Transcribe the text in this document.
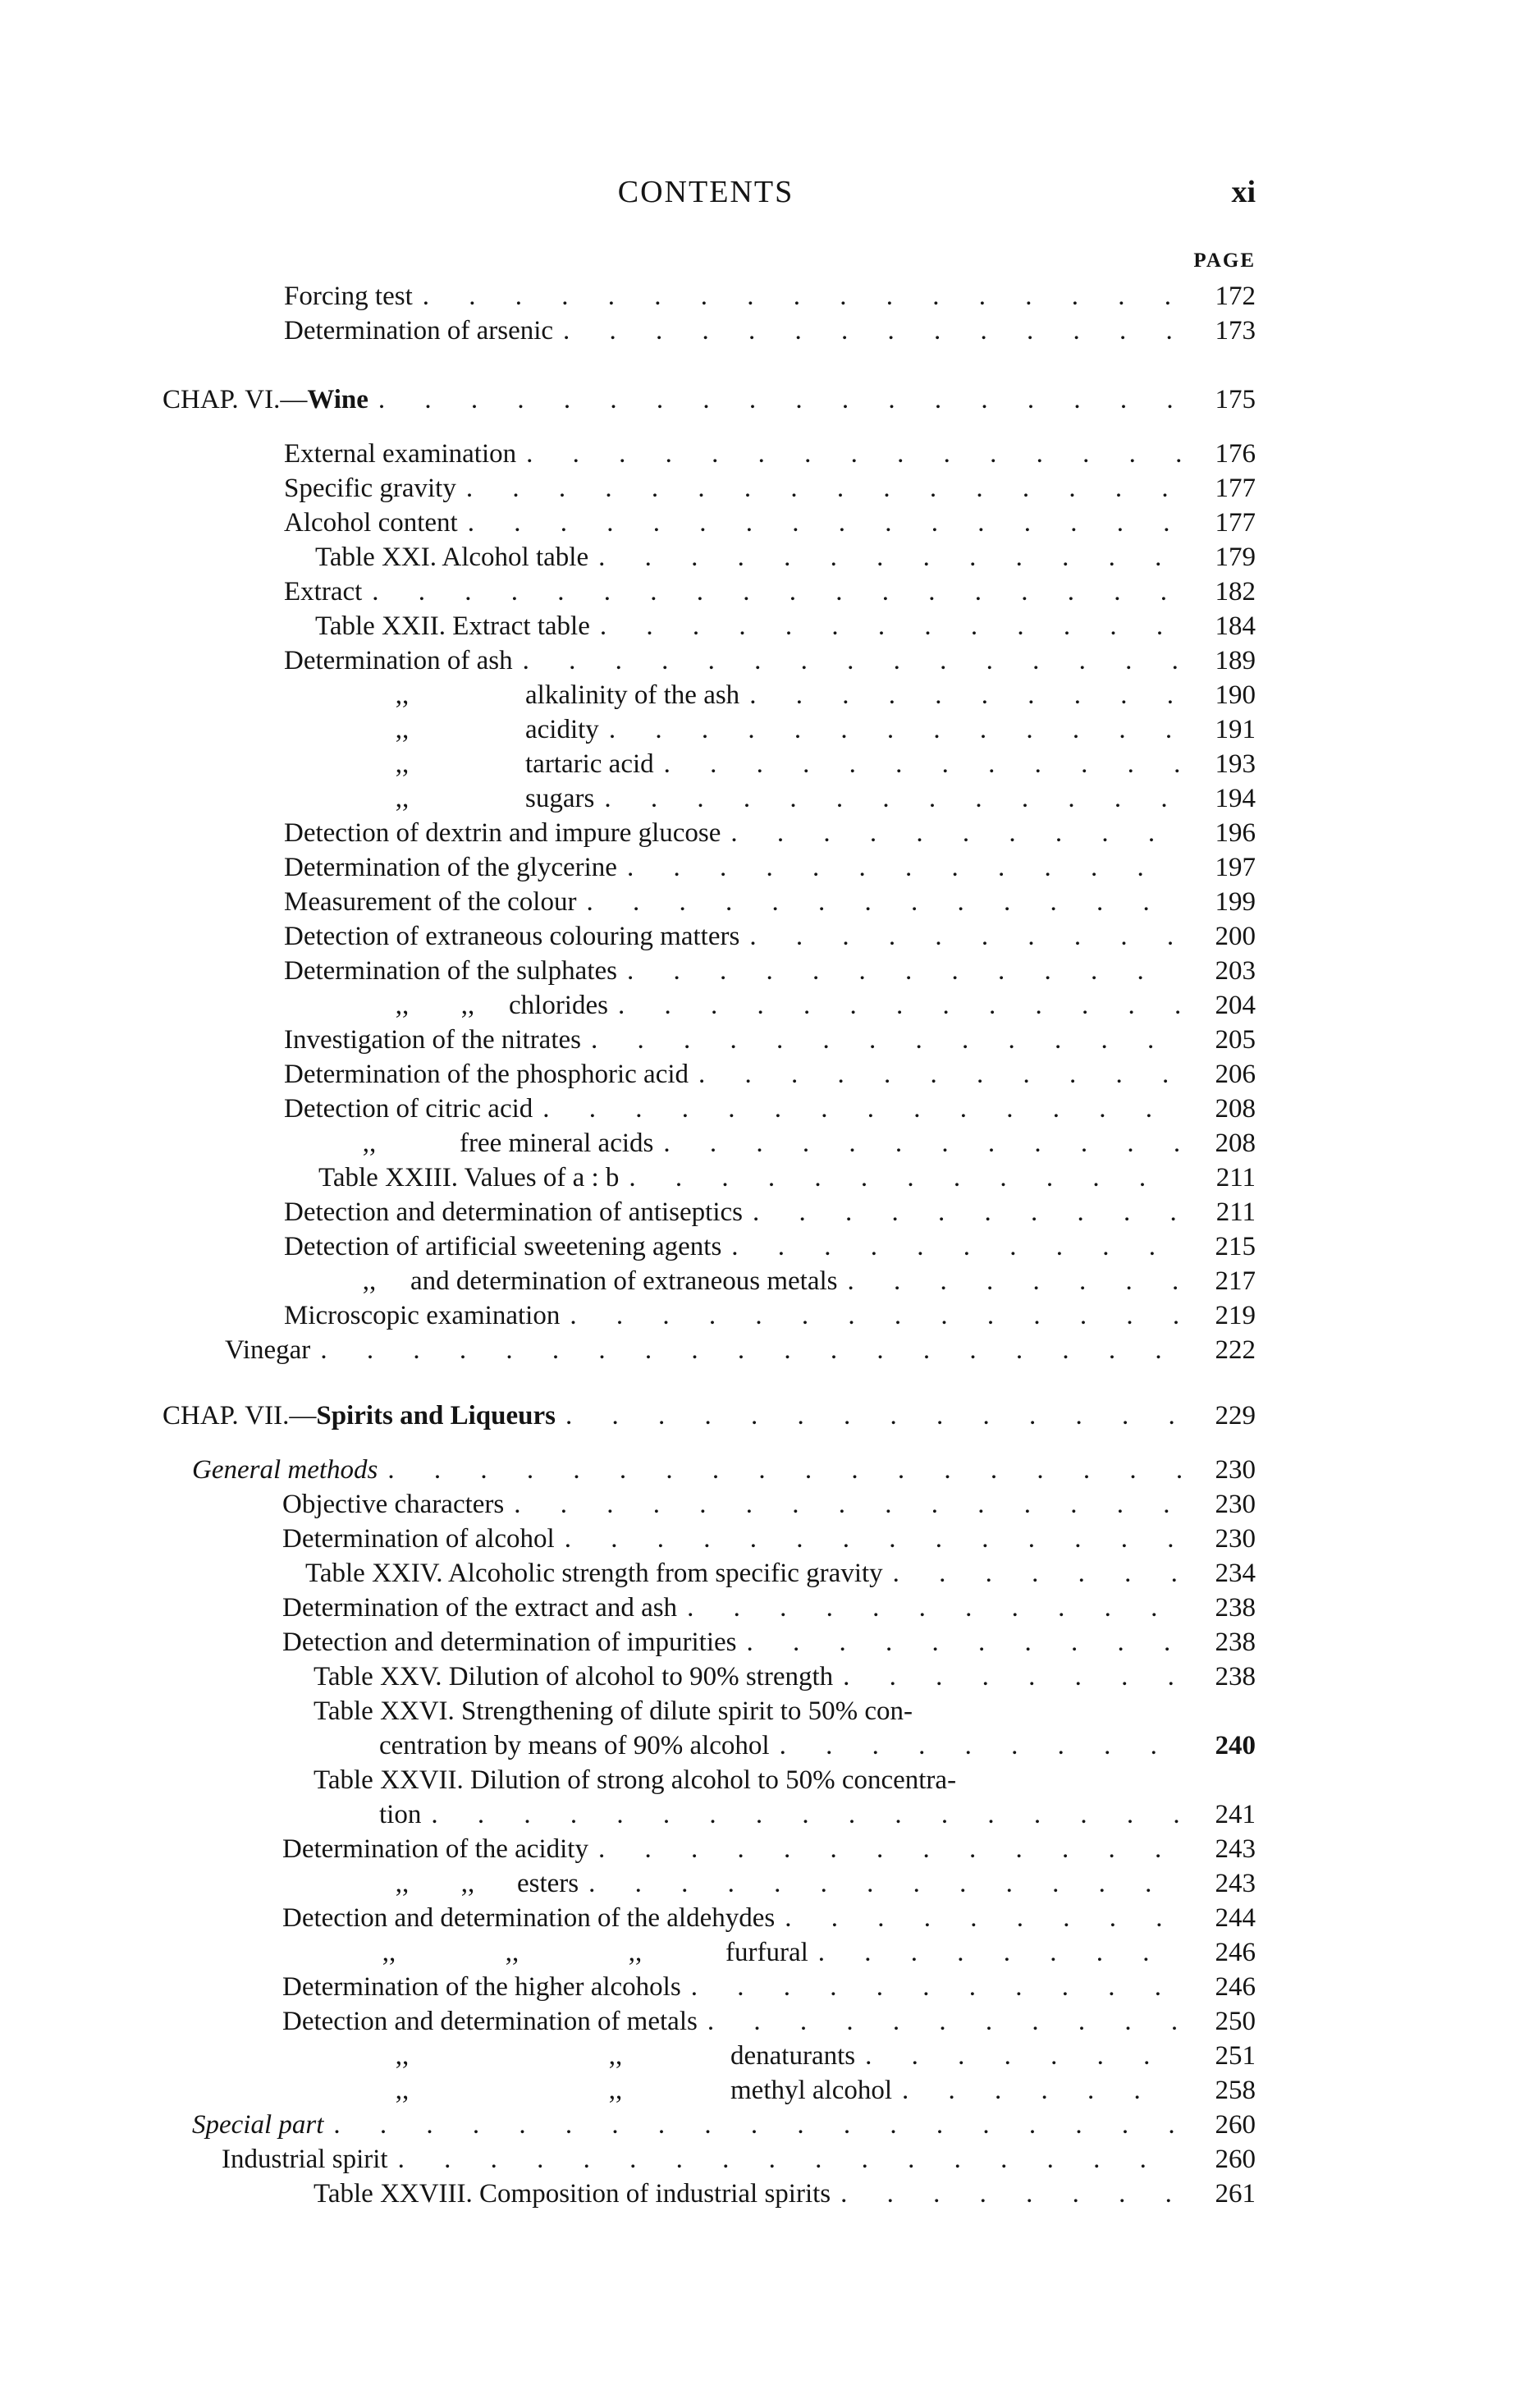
CONTENTS	xi
PAGE
Forcing test . . .	172
Determination of arsenic . . .	173
CHAP. VI.—Wine . . .	175
External examination . . .	176
Specific gravity . . .	177
Alcohol content . . .	177
Table XXI. Alcohol table . . .	179
Extract . . .	182
Table XXII. Extract table . . .	184
Determination of ash . . .	189
,,	alkalinity of the ash . . .	190
,,	acidity . . .	191
,,	tartaric acid . . .	193
,,	sugars . . .	194
Detection of dextrin and impure glucose . . .	196
Determination of the glycerine . . .	197
Measurement of the colour . . .	199
Detection of extraneous colouring matters . . .	200
Determination of the sulphates . . .	203
,, ,, chlorides . . .	204
Investigation of the nitrates . . .	205
Determination of the phosphoric acid . . .	206
Detection of citric acid . . .	208
,,	free mineral acids . . .	208
Table XXIII. Values of a : b . . .	211
Detection and determination of antiseptics . . .	211
Detection of artificial sweetening agents . . .	215
,, and determination of extraneous metals . . .	217
Microscopic examination . . .	219
Vinegar . . .	222
CHAP. VII.—Spirits and Liqueurs . . .	229
General methods . . .	230
Objective characters . . .	230
Determination of alcohol . . .	230
Table XXIV. Alcoholic strength from specific gravity . . .	234
Determination of the extract and ash . . .	238
Detection and determination of impurities . . .	238
Table XXV. Dilution of alcohol to 90% strength . . .	238
Table XXVI. Strengthening of dilute spirit to 50% con-
centration by means of 90% alcohol . . .	240
Table XXVII. Dilution of strong alcohol to 50% concentra-
tion . . .	241
Determination of the acidity . . .	243
,, ,, esters . . .	243
Detection and determination of the aldehydes . . .	244
,,	,,	,,	furfural . . .	246
Determination of the higher alcohols . . .	246
Detection and determination of metals . . .	250
,,	,,	denaturants . . .	251
,,	,,	methyl alcohol . . .	258
Special part . . .	260
Industrial spirit . . .	260
Table XXVIII. Composition of industrial spirits . . .	261
